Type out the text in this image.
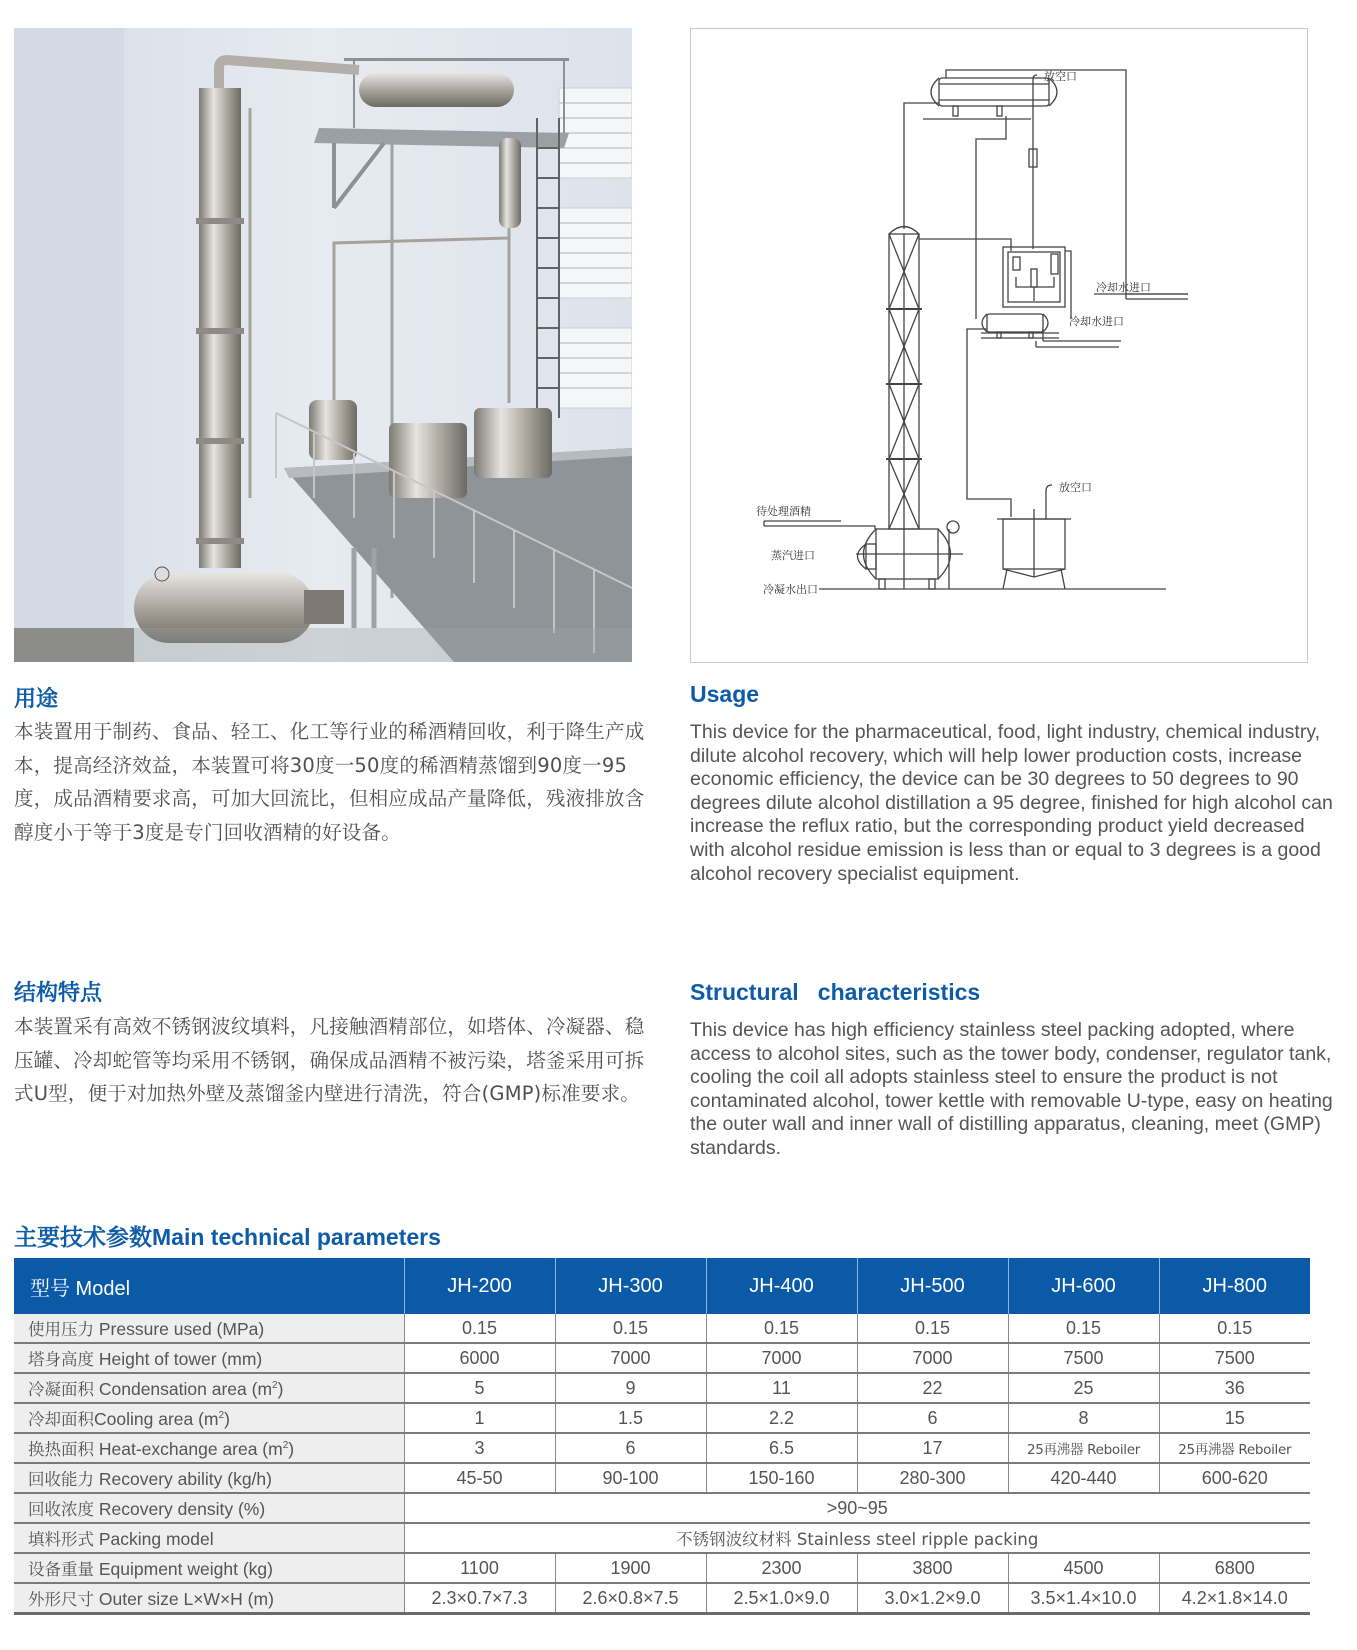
放空口
冷却水进口
冷却水进口
放空口
待处理酒精
蒸汽进口
冷凝水出口
用途
本装置用于制药、食品、轻工、化工等行业的稀酒精回收，利于降生产成本，提高经济效益，本装置可将30度一50度的稀酒精蒸馏到90度一95度，成品酒精要求高，可加大回流比，但相应成品产量降低，残液排放含醇度小于等于3度是专门回收酒精的好设备。
Usage
This device for the pharmaceutical, food, light industry, chemical industry, dilute alcohol recovery, which will help lower production costs, increase economic efficiency, the device can be 30 degrees to 50 degrees to 90 degrees dilute alcohol distillation a 95 degree, finished for high alcohol can increase the reflux ratio, but the corresponding product yield decreased with alcohol residue emission is less than or equal to 3 degrees is a good alcohol recovery specialist equipment.
结构特点
本装置采有高效不锈钢波纹填料，凡接触酒精部位，如塔体、冷凝器、稳压罐、冷却蛇管等均采用不锈钢，确保成品酒精不被污染，塔釜采用可拆式U型，便于对加热外壁及蒸馏釜内壁进行清洗，符合(GMP)标准要求。
Structural   characteristics
This device has high efficiency stainless steel packing adopted, where access to alcohol sites, such as the tower body, condenser, regulator tank, cooling the coil all adopts stainless steel to ensure the product is not contaminated alcohol, tower kettle with removable U-type, easy on heating the outer wall and inner wall of distilling apparatus, cleaning, meet (GMP) standards.
主要技术参数Main technical parameters
型号 Model	JH-200	JH-300	JH-400	JH-500	JH-600	JH-800
使用压力 Pressure used (MPa)	0.15	0.15	0.15	0.15	0.15	0.15
塔身高度 Height of tower (mm)	6000	7000	7000	7000	7500	7500
冷凝面积 Condensation area $(m^2)$	5	9	11	22	25	36
冷却面积Cooling area $(m^2)$	1	1.5	2.2	6	8	15
换热面积 Heat-exchange area $(m^2)$	3	6	6.5	17	25再沸器 Reboiler	25再沸器 Reboiler
回收能力 Recovery ability (kg/h)	45-50	90-100	150-160	280-300	420-440	600-620
回收浓度 Recovery density (%)	>90~95					
填料形式 Packing model	不锈钢波纹材料 Stainless steel ripple packing					
设备重量 Equipment weight (kg)	1100	1900	2300	3800	4500	6800
外形尺寸 Outer size L×W×H (m)	2.3×0.7×7.3	2.6×0.8×7.5	2.5×1.0×9.0	3.0×1.2×9.0	3.5×1.4×10.0	4.2×1.8×14.0
